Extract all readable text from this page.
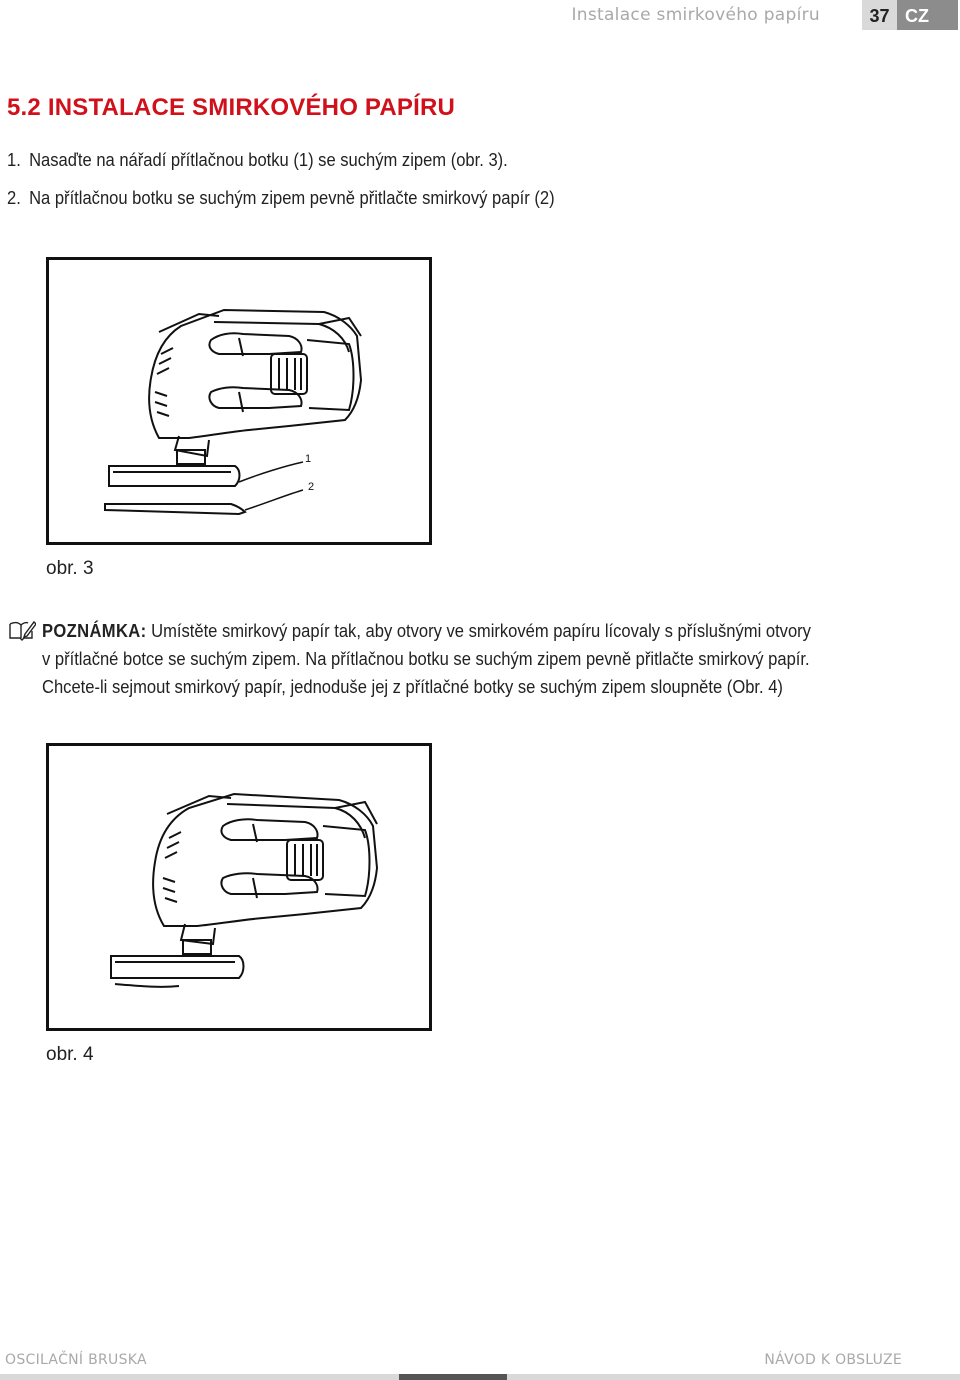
Instalace smirkového papíru	37 CZ
5.2 INSTALACE SMIRKOVÉHO PAPÍRU
1. Nasaďte na nářadí přítlačnou botku (1) se suchým zipem (obr. 3).
2. Na přítlačnou botku se suchým zipem pevně přitlačte smirkový papír (2)
1
2
obr. 3
POZNÁMKA: Umístěte smirkový papír tak, aby otvory ve smirkovém papíru lícovaly s příslušnými otvory
v přítlačné botce se suchým zipem. Na přítlačnou botku se suchým zipem pevně přitlačte smirkový papír.
Chcete-li sejmout smirkový papír, jednoduše jej z přítlačné botky se suchým zipem sloupněte (Obr. 4)
obr. 4
OSCILAČNÍ BRUSKA	NÁVOD K OBSLUZE
